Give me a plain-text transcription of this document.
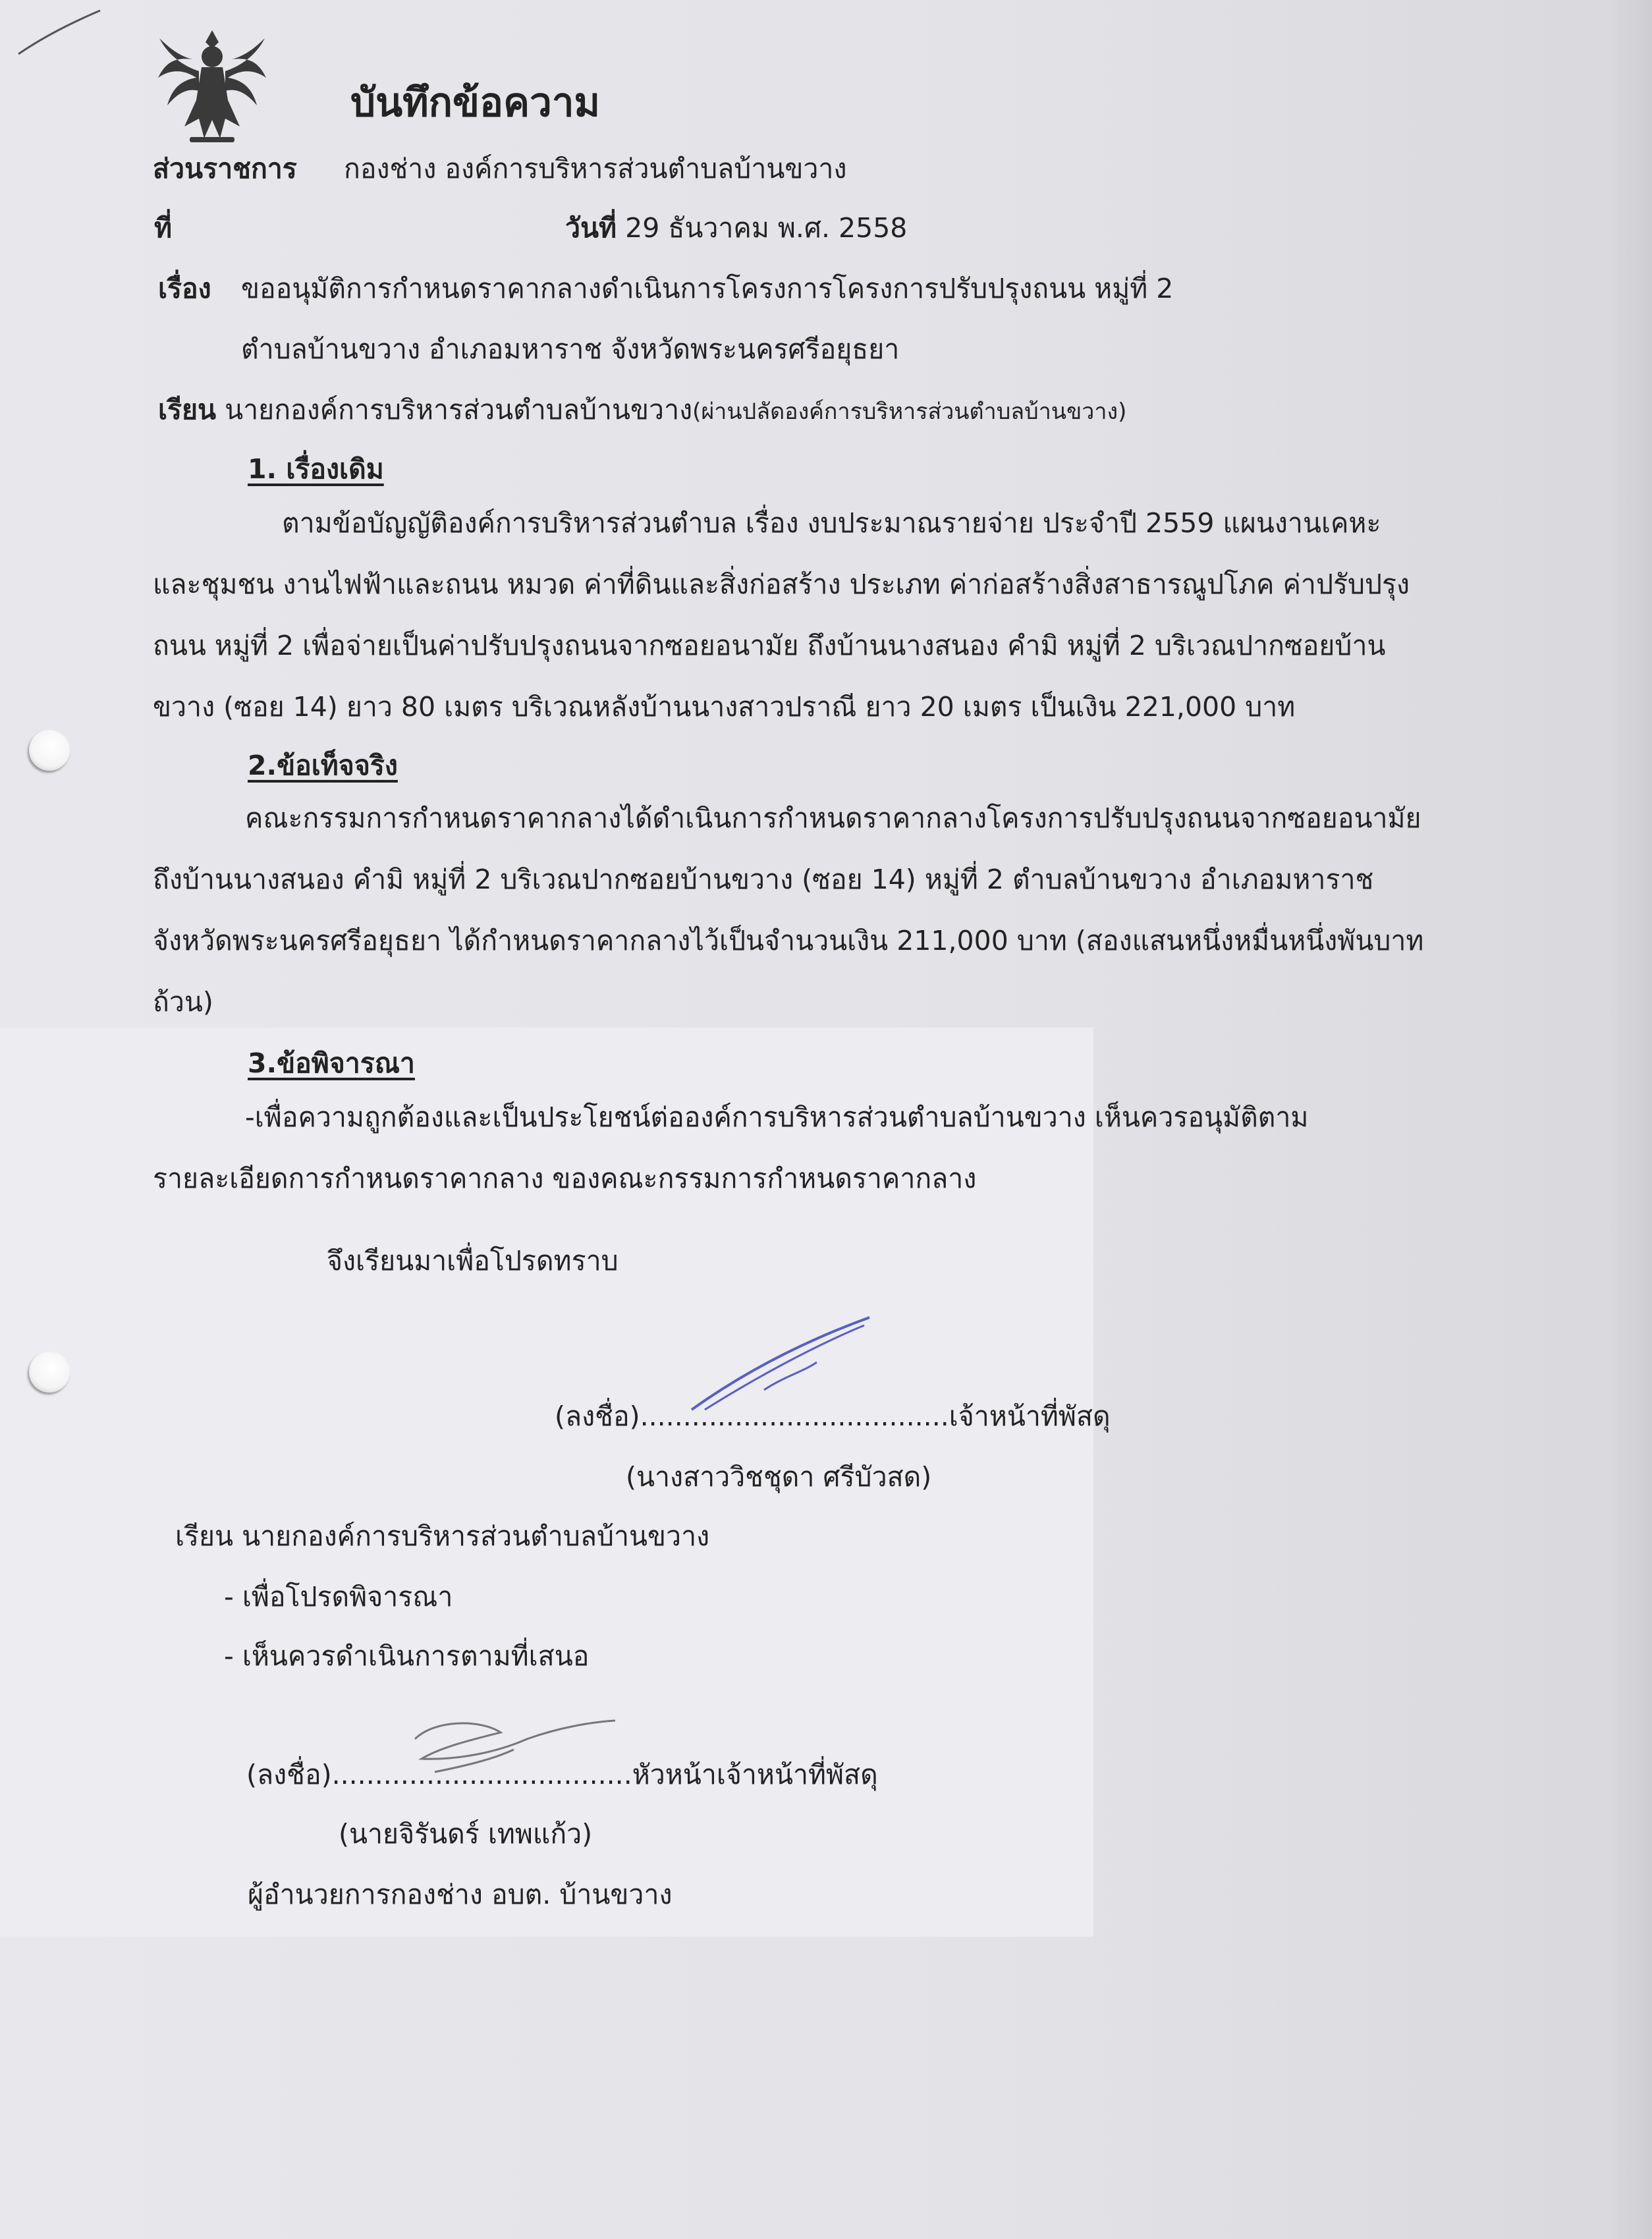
บันทึกข้อความ
ส่วนราชการ กองช่าง องค์การบริหารส่วนตำบลบ้านขวาง
ที่	วันที่ 29 ธันวาคม พ.ศ. 2558
เรื่อง ขออนุมัติการกำหนดราคากลางดำเนินการโครงการโครงการปรับปรุงถนน หมู่ที่ 2
ตำบลบ้านขวาง อำเภอมหาราช จังหวัดพระนครศรีอยุธยา
เรียน นายกองค์การบริหารส่วนตำบลบ้านขวาง(ผ่านปลัดองค์การบริหารส่วนตำบลบ้านขวาง)
1. เรื่องเดิม
ตามข้อบัญญัติองค์การบริหารส่วนตำบล เรื่อง งบประมาณรายจ่าย ประจำปี 2559 แผนงานเคหะ
และชุมชน งานไฟฟ้าและถนน หมวด ค่าที่ดินและสิ่งก่อสร้าง ประเภท ค่าก่อสร้างสิ่งสาธารณูปโภค ค่าปรับปรุง
ถนน หมู่ที่ 2 เพื่อจ่ายเป็นค่าปรับปรุงถนนจากซอยอนามัย ถึงบ้านนางสนอง คำมิ หมู่ที่ 2 บริเวณปากซอยบ้าน
ขวาง (ซอย 14) ยาว 80 เมตร บริเวณหลังบ้านนางสาวปราณี ยาว 20 เมตร เป็นเงิน 221,000 บาท
2.ข้อเท็จจริง
คณะกรรมการกำหนดราคากลางได้ดำเนินการกำหนดราคากลางโครงการปรับปรุงถนนจากซอยอนามัย
ถึงบ้านนางสนอง คำมิ หมู่ที่ 2 บริเวณปากซอยบ้านขวาง (ซอย 14) หมู่ที่ 2 ตำบลบ้านขวาง อำเภอมหาราช
จังหวัดพระนครศรีอยุธยา ได้กำหนดราคากลางไว้เป็นจำนวนเงิน 211,000 บาท (สองแสนหนึ่งหมื่นหนึ่งพันบาท
ถ้วน)
3.ข้อพิจารณา
-เพื่อความถูกต้องและเป็นประโยชน์ต่อองค์การบริหารส่วนตำบลบ้านขวาง เห็นควรอนุมัติตาม
รายละเอียดการกำหนดราคากลาง ของคณะกรรมการกำหนดราคากลาง
จึงเรียนมาเพื่อโปรดทราบ
(ลงชื่อ)....................................เจ้าหน้าที่พัสดุ
(นางสาววิชชุดา ศรีบัวสด)
เรียน นายกองค์การบริหารส่วนตำบลบ้านขวาง
- เพื่อโปรดพิจารณา
- เห็นควรดำเนินการตามที่เสนอ
(ลงชื่อ)...................................หัวหน้าเจ้าหน้าที่พัสดุ
(นายจิรันดร์ เทพแก้ว)
ผู้อำนวยการกองช่าง อบต. บ้านขวาง
